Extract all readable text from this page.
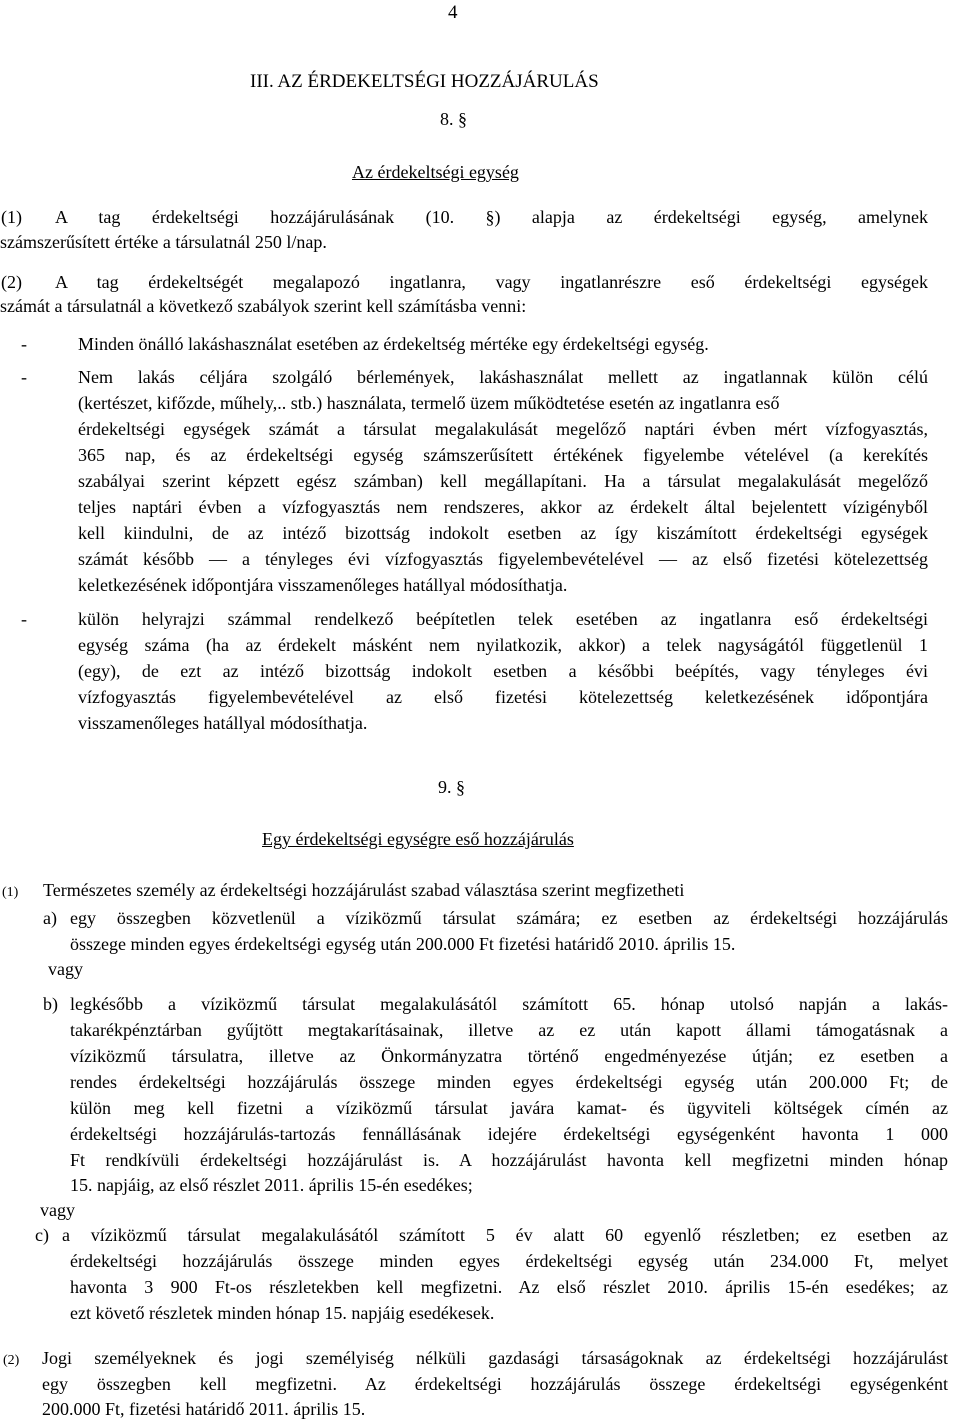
4
III. AZ ÉRDEKELTSÉGI HOZZÁJÁRULÁS
8. §
Az érdekeltségi egység
(1) A tag érdekeltségi hozzájárulásának (10. §) alapja az érdekeltségi egység, amelynek
számszerűsített értéke a társulatnál 250 l/nap.
(2) A tag érdekeltségét megalapozó ingatlanra, vagy ingatlanrészre eső érdekeltségi egységek
számát a társulatnál a következő szabályok szerint kell számításba venni:
-	Minden önálló lakáshasználat esetében az érdekeltség mértéke egy érdekeltségi egység.
-	Nem lakás céljára szolgáló bérlemények, lakáshasználat mellett az ingatlannak külön célú
(kertészet, kifőzde, műhely,.. stb.) használata, termelő üzem működtetése esetén az ingatlanra eső
érdekeltségi egységek számát a társulat megalakulását megelőző naptári évben mért vízfogyasztás,
365 nap, és az érdekeltségi egység számszerűsített értékének figyelembe vételével (a kerekítés
szabályai szerint képzett egész számban) kell megállapítani. Ha a társulat megalakulását megelőző
teljes naptári évben a vízfogyasztás nem rendszeres, akkor az érdekelt által bejelentett vízigényből
kell kiindulni, de az intéző bizottság indokolt esetben az így kiszámított érdekeltségi egységek
számát később — a tényleges évi vízfogyasztás figyelembevételével — az első fizetési kötelezettség
keletkezésének időpontjára visszamenőleges hatállyal módosíthatja.
-	külön helyrajzi számmal rendelkező beépítetlen telek esetében az ingatlanra eső érdekeltségi
egység száma (ha az érdekelt másként nem nyilatkozik, akkor) a telek nagyságától függetlenül 1
(egy), de ezt az intéző bizottság indokolt esetben a későbbi beépítés, vagy tényleges évi
vízfogyasztás figyelembevételével az első fizetési kötelezettség keletkezésének időpontjára
visszamenőleges hatállyal módosíthatja.
9. §
Egy érdekeltségi egységre eső hozzájárulás
(1) Természetes személy az érdekeltségi hozzájárulást szabad választása szerint megfizetheti
a) egy összegben közvetlenül a víziközmű társulat számára; ez esetben az érdekeltségi hozzájárulás
összege minden egyes érdekeltségi egység után 200.000 Ft fizetési határidő 2010. április 15.
vagy
b) legkésőbb a víziközmű társulat megalakulásától számított 65. hónap utolsó napján a lakás-
takarékpénztárban gyűjtött megtakarításainak, illetve az ez után kapott állami támogatásnak a
víziközmű társulatra, illetve az Önkormányzatra történő engedményezése útján; ez esetben a
rendes érdekeltségi hozzájárulás összege minden egyes érdekeltségi egység után 200.000 Ft; de
külön meg kell fizetni a víziközmű társulat javára kamat- és ügyviteli költségek címén az
érdekeltségi hozzájárulás-tartozás fennállásának idejére érdekeltségi egységenként havonta 1 000
Ft rendkívüli érdekeltségi hozzájárulást is. A hozzájárulást havonta kell megfizetni minden hónap
15. napjáig, az első részlet 2011. április 15-én esedékes;
vagy
c) a víziközmű társulat megalakulásától számított 5 év alatt 60 egyenlő részletben; ez esetben az
érdekeltségi hozzájárulás összege minden egyes érdekeltségi egység után 234.000 Ft, melyet
havonta 3 900 Ft-os részletekben kell megfizetni. Az első részlet 2010. április 15-én esedékes; az
ezt követő részletek minden hónap 15. napjáig esedékesek.
(2) Jogi személyeknek és jogi személyiség nélküli gazdasági társaságoknak az érdekeltségi hozzájárulást
egy összegben kell megfizetni. Az érdekeltségi hozzájárulás összege érdekeltségi egységenként
200.000 Ft, fizetési határidő 2011. április 15.
